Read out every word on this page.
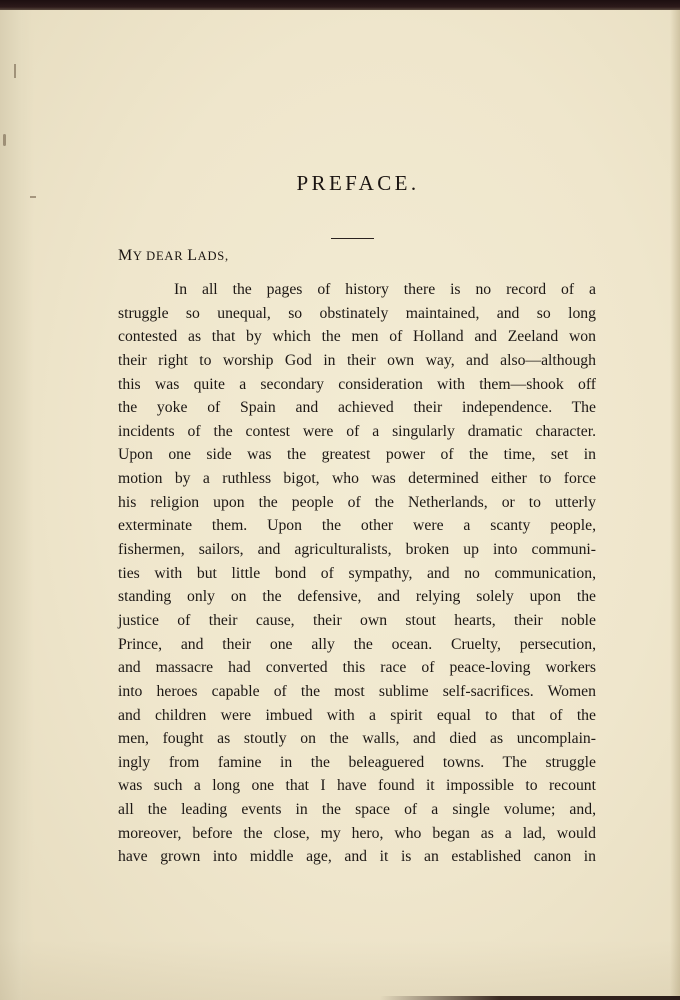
PREFACE.
MY DEAR LADS,
In all the pages of history there is no record of a
struggle so unequal, so obstinately maintained, and so long
contested as that by which the men of Holland and Zeeland won
their right to worship God in their own way, and also—although
this was quite a secondary consideration with them—shook off
the yoke of Spain and achieved their independence. The
incidents of the contest were of a singularly dramatic character.
Upon one side was the greatest power of the time, set in
motion by a ruthless bigot, who was determined either to force
his religion upon the people of the Netherlands, or to utterly
exterminate them. Upon the other were a scanty people,
fishermen, sailors, and agriculturalists, broken up into communi-
ties with but little bond of sympathy, and no communication,
standing only on the defensive, and relying solely upon the
justice of their cause, their own stout hearts, their noble
Prince, and their one ally the ocean. Cruelty, persecution,
and massacre had converted this race of peace-loving workers
into heroes capable of the most sublime self-sacrifices. Women
and children were imbued with a spirit equal to that of the
men, fought as stoutly on the walls, and died as uncomplain-
ingly from famine in the beleaguered towns. The struggle
was such a long one that I have found it impossible to recount
all the leading events in the space of a single volume; and,
moreover, before the close, my hero, who began as a lad, would
have grown into middle age, and it is an established canon in
